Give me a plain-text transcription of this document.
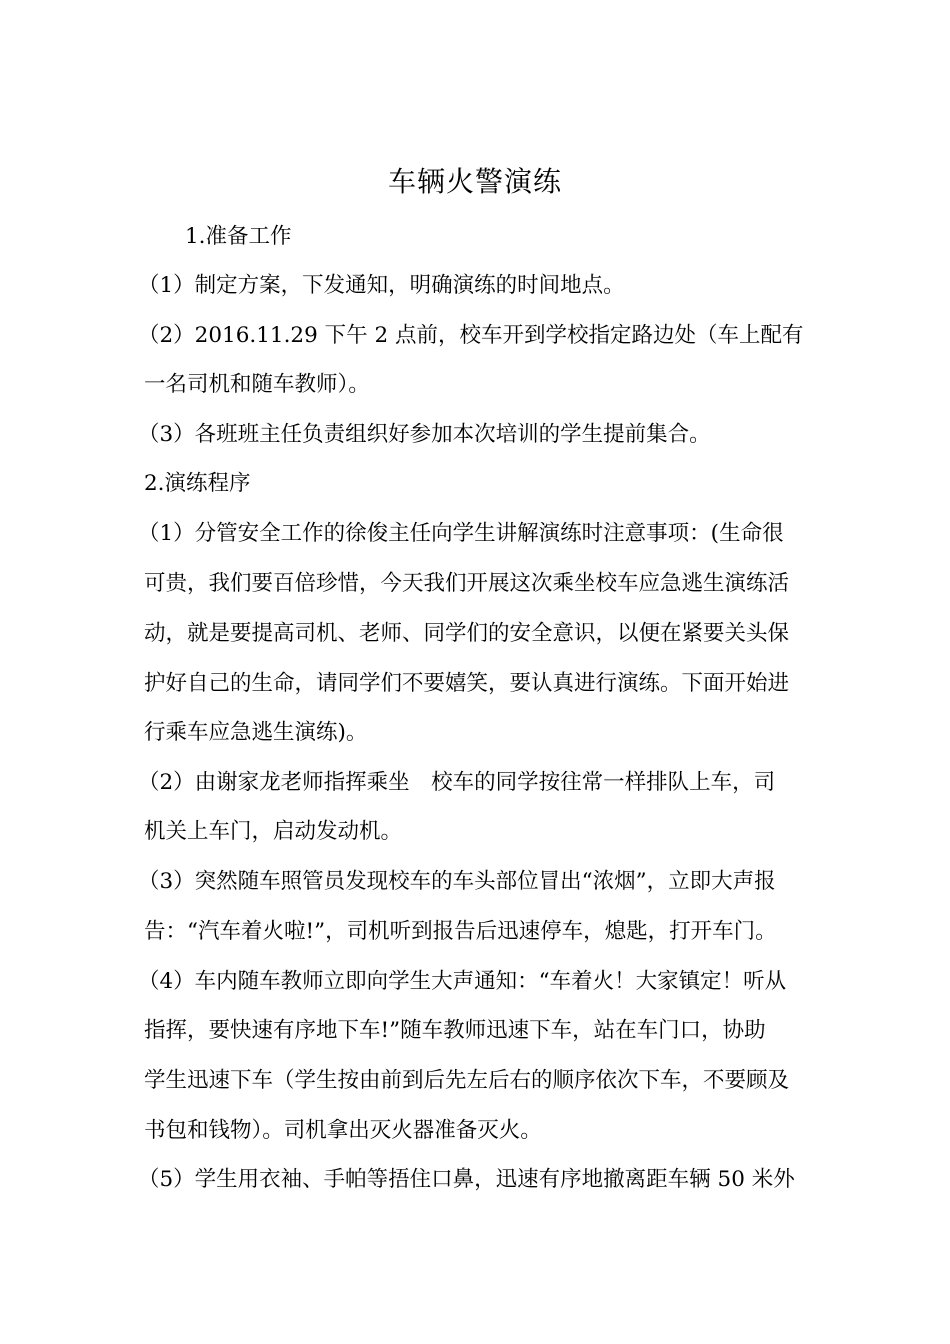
车辆火警演练
1.准备工作
（1）制定方案，下发通知，明确演练的时间地点。
（2）2016.11.29 下午 2 点前，校车开到学校指定路边处（车上配有
一名司机和随车教师）。
（3）各班班主任负责组织好参加本次培训的学生提前集合。
2.演练程序
（1）分管安全工作的徐俊主任向学生讲解演练时注意事项：(生命很
可贵，我们要百倍珍惜，今天我们开展这次乘坐校车应急逃生演练活
动，就是要提高司机、老师、同学们的安全意识，以便在紧要关头保
护好自己的生命，请同学们不要嬉笑，要认真进行演练。下面开始进
行乘车应急逃生演练)。
（2）由谢家龙老师指挥乘坐　校车的同学按往常一样排队上车，司
机关上车门，启动发动机。
（3）突然随车照管员发现校车的车头部位冒出“浓烟”，立即大声报
告：“汽车着火啦!”，司机听到报告后迅速停车，熄匙，打开车门。
（4）车内随车教师立即向学生大声通知：“车着火！大家镇定！听从
指挥，要快速有序地下车!”随车教师迅速下车，站在车门口，协助
学生迅速下车（学生按由前到后先左后右的顺序依次下车，不要顾及
书包和钱物）。司机拿出灭火器准备灭火。
（5）学生用衣袖、手帕等捂住口鼻，迅速有序地撤离距车辆 50 米外
